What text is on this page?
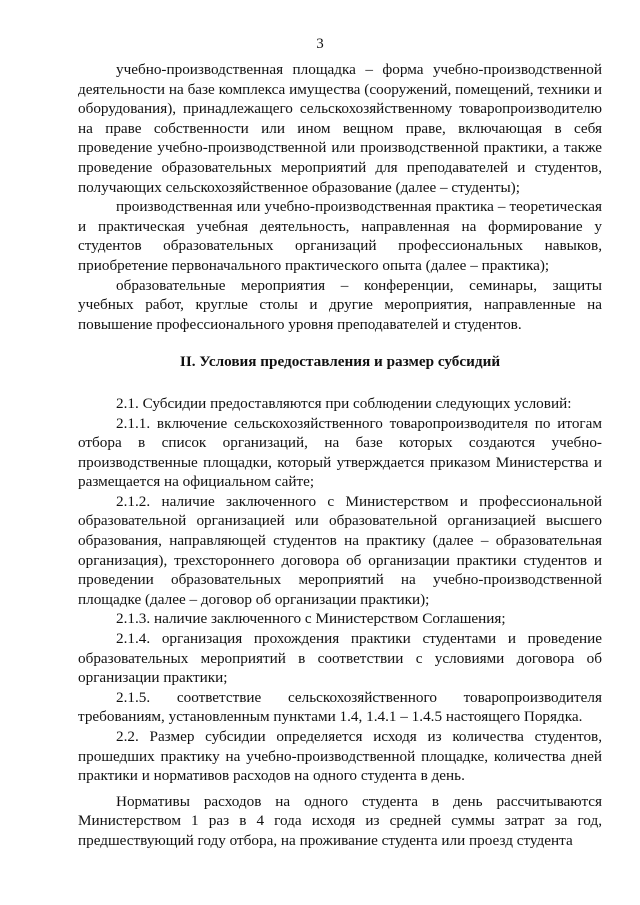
3

учебно-производственная площадка – форма учебно-производственной деятельности на базе комплекса имущества (сооружений, помещений, техники и оборудования), принадлежащего сельскохозяйственному товаропроизводителю на праве собственности или ином вещном праве, включающая в себя проведение учебно-производственной или производственной практики, а также проведение образовательных мероприятий для преподавателей и студентов, получающих сельскохозяйственное образование (далее – студенты);

производственная или учебно-производственная практика – теоретическая и практическая учебная деятельность, направленная на формирование у студентов образовательных организаций профессиональных навыков, приобретение первоначального практического опыта (далее – практика);

образовательные мероприятия – конференции, семинары, защиты учебных работ, круглые столы и другие мероприятия, направленные на повышение профессионального уровня преподавателей и студентов.

II. Условия предоставления и размер субсидий

2.1. Субсидии предоставляются при соблюдении следующих условий:

2.1.1. включение сельскохозяйственного товаропроизводителя по итогам отбора в список организаций, на базе которых создаются учебно-производственные площадки, который утверждается приказом Министерства и размещается на официальном сайте;

2.1.2. наличие заключенного с Министерством и профессиональной образовательной организацией или образовательной организацией высшего образования, направляющей студентов на практику (далее – образовательная организация), трехстороннего договора об организации практики студентов и проведении образовательных мероприятий на учебно-производственной площадке (далее – договор об организации практики);

2.1.3. наличие заключенного с Министерством Соглашения;

2.1.4. организация прохождения практики студентами и проведение образовательных мероприятий в соответствии с условиями договора об организации практики;

2.1.5. соответствие сельскохозяйственного товаропроизводителя требованиям, установленным пунктами 1.4, 1.4.1 – 1.4.5 настоящего Порядка.

2.2. Размер субсидии определяется исходя из количества студентов, прошедших практику на учебно-производственной площадке, количества дней практики и нормативов расходов на одного студента в день.

Нормативы расходов на одного студента в день рассчитываются Министерством 1 раз в 4 года исходя из средней суммы затрат за год, предшествующий году отбора, на проживание студента или проезд студента
